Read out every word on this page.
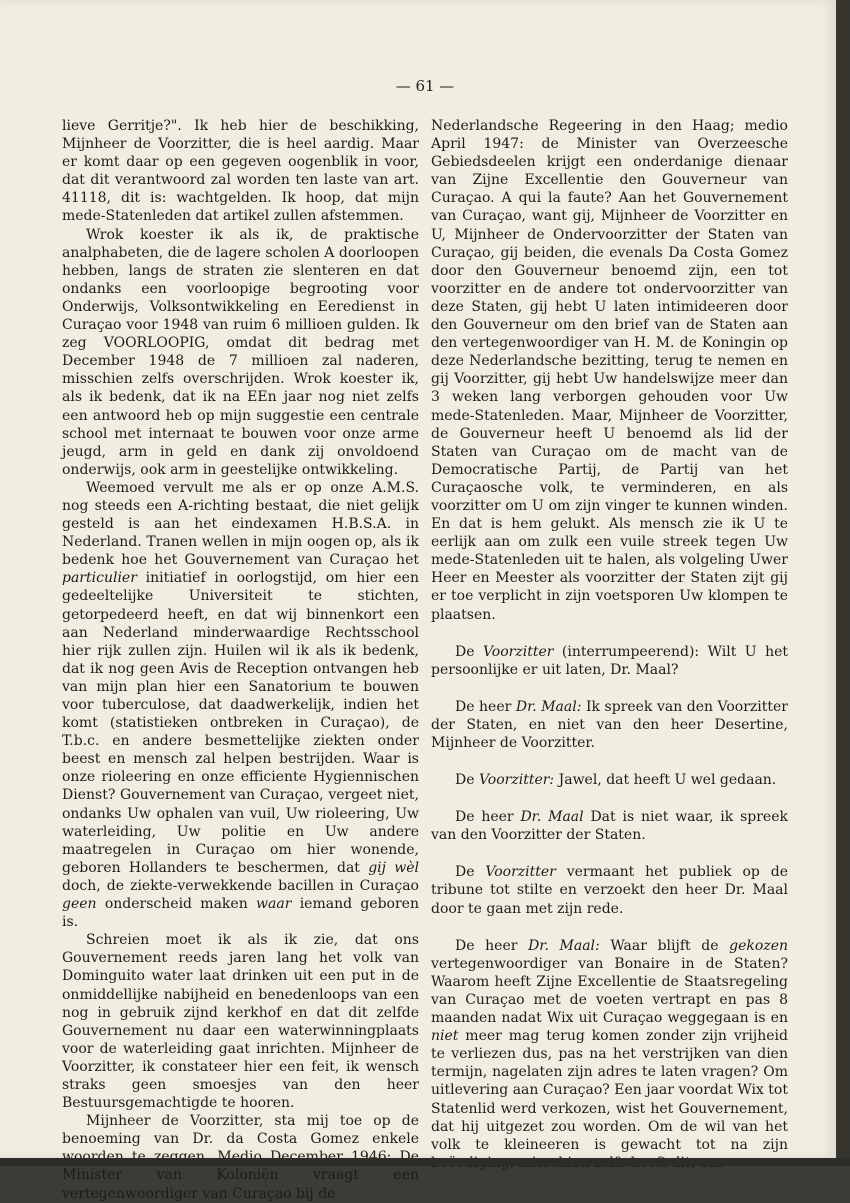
— 61 —

lieve Gerritje?". Ik heb hier de beschikking, Mijnheer de Voorzitter, die is heel aardig. Maar er komt daar op een gegeven oogenblik in voor, dat dit verantwoord zal worden ten laste van art. 41118, dit is: wachtgelden. Ik hoop, dat mijn mede-Statenleden dat artikel zullen afstemmen.

Wrok koester ik als ik, de praktische analphabeten, die de lagere scholen A doorloopen hebben, langs de straten zie slenteren en dat ondanks een voorloopige begrooting voor Onderwijs, Volksontwikkeling en Eeredienst in Curaçao voor 1948 van ruim 6 millioen gulden. Ik zeg VOORLOOPIG, omdat dit bedrag met December 1948 de 7 millioen zal naderen, misschien zelfs overschrijden. Wrok koester ik, als ik bedenk, dat ik na EEn jaar nog niet zelfs een antwoord heb op mijn suggestie een centrale school met internaat te bouwen voor onze arme jeugd, arm in geld en dank zij onvoldoend onderwijs, ook arm in geestelijke ontwikkeling.

Weemoed vervult me als er op onze A.M.S. nog steeds een A-richting bestaat, die niet gelijk gesteld is aan het eindexamen H.B.S.A. in Nederland. Tranen wellen in mijn oogen op, als ik bedenk hoe het Gouvernement van Curaçao het particulier initiatief in oorlogstijd, om hier een gedeeltelijke Universiteit te stichten, getorpedeerd heeft, en dat wij binnenkort een aan Nederland minderwaardige Rechtsschool hier rijk zullen zijn. Huilen wil ik als ik bedenk, dat ik nog geen Avis de Reception ontvangen heb van mijn plan hier een Sanatorium te bouwen voor tuberculose, dat daadwerkelijk, indien het komt (statistieken ontbreken in Curaçao), de T.b.c. en andere besmettelijke ziekten onder beest en mensch zal helpen bestrijden. Waar is onze rioleering en onze efficiente Hygiennischen Dienst? Gouvernement van Curaçao, vergeet niet, ondanks Uw ophalen van vuil, Uw rioleering, Uw waterleiding, Uw politie en Uw andere maatregelen in Curaçao om hier wonende, geboren Hollanders te beschermen, dat gij wèl doch, de ziekte-verwekkende bacillen in Curaçao geen onderscheid maken waar iemand geboren is.

Schreien moet ik als ik zie, dat ons Gouvernement reeds jaren lang het volk van Dominguito water laat drinken uit een put in de onmiddellijke nabijheid en benedenloops van een nog in gebruik zijnd kerkhof en dat dit zelfde Gouvernement nu daar een waterwinningplaats voor de waterleiding gaat inrichten. Mijnheer de Voorzitter, ik constateer hier een feit, ik wensch straks geen smoesjes van den heer Bestuursgemachtigde te hooren.

Mijnheer de Voorzitter, sta mij toe op de benoeming van Dr. da Costa Gomez enkele Minister van Koloniën vraagt een vertegenwoordiger van Curaçao bij de

Nederlandsche Regeering in den Haag; medio April 1947: de Minister van Overzeesche Gebiedsdeelen krijgt een onderdanige dienaar van Zijne Excellentie den Gouverneur van Curaçao. A qui la faute? Aan het Gouvernement van Curaçao, want gij, Mijnheer de Voorzitter en U, Mijnheer de Ondervoorzitter der Staten van Curaçao, gij beiden, die evenals Da Costa Gomez door den Gouverneur benoemd zijn, een tot voorzitter en de andere tot ondervoorzitter van deze Staten, gij hebt U laten intimideeren door den Gouverneur om den brief van de Staten aan den vertegenwoordiger van H. M. de Koningin op deze Nederlandsche bezitting, terug te nemen en gij Voorzitter, gij hebt Uw handelswijze meer dan 3 weken lang verborgen gehouden voor Uw mede-Statenleden. Maar, Mijnheer de Voorzitter, de Gouverneur heeft U benoemd als lid der Staten van Curaçao om de macht van de Democratische Partij, de Partij van het Curaçaosche volk, te verminderen, en als voorzitter om U om zijn vinger te kunnen winden. En dat is hem gelukt. Als mensch zie ik U te eerlijk aan om zulk een vuile streek tegen Uw mede-Statenleden uit te halen, als volgeling Uwer Heer en Meester als voorzitter der Staten zijt gij er toe verplicht in zijn voetsporen Uw klompen te plaatsen.

De Voorzitter (interrumpeerend): Wilt U het persoonlijke er uit laten, Dr. Maal?

De heer Dr. Maal: Ik spreek van den Voorzitter der Staten, en niet van den heer Desertine, Mijnheer de Voorzitter.

De Voorzitter: Jawel, dat heeft U wel gedaan.

De heer Dr. Maal Dat is niet waar, ik spreek van den Voorzitter der Staten.

De Voorzitter vermaant het publiek op de tribune tot stilte en verzoekt den heer Dr. Maal door te gaan met zijn rede.

De heer Dr. Maal: Waar blijft de gekozen vertegenwoordiger van Bonaire in de Staten? Waarom heeft Zijne Excellentie de Staatsregeling van Curaçao met de voeten vertrapt en pas 8 maanden nadat Wix uit Curaçao weggegaan is en niet meer mag terug komen zonder zijn vrijheid te verliezen dus, pas na het verstrijken van dien termijn, nagelaten zijn adres te laten vragen? Om uitlevering aan Curaçao? Een jaar voordat Wix tot Statenlid werd verkozen, wist het Gouvernement, dat hij uitgezet zou worden. Om de wil van het volk te kleineeren is gewacht tot na zijn
